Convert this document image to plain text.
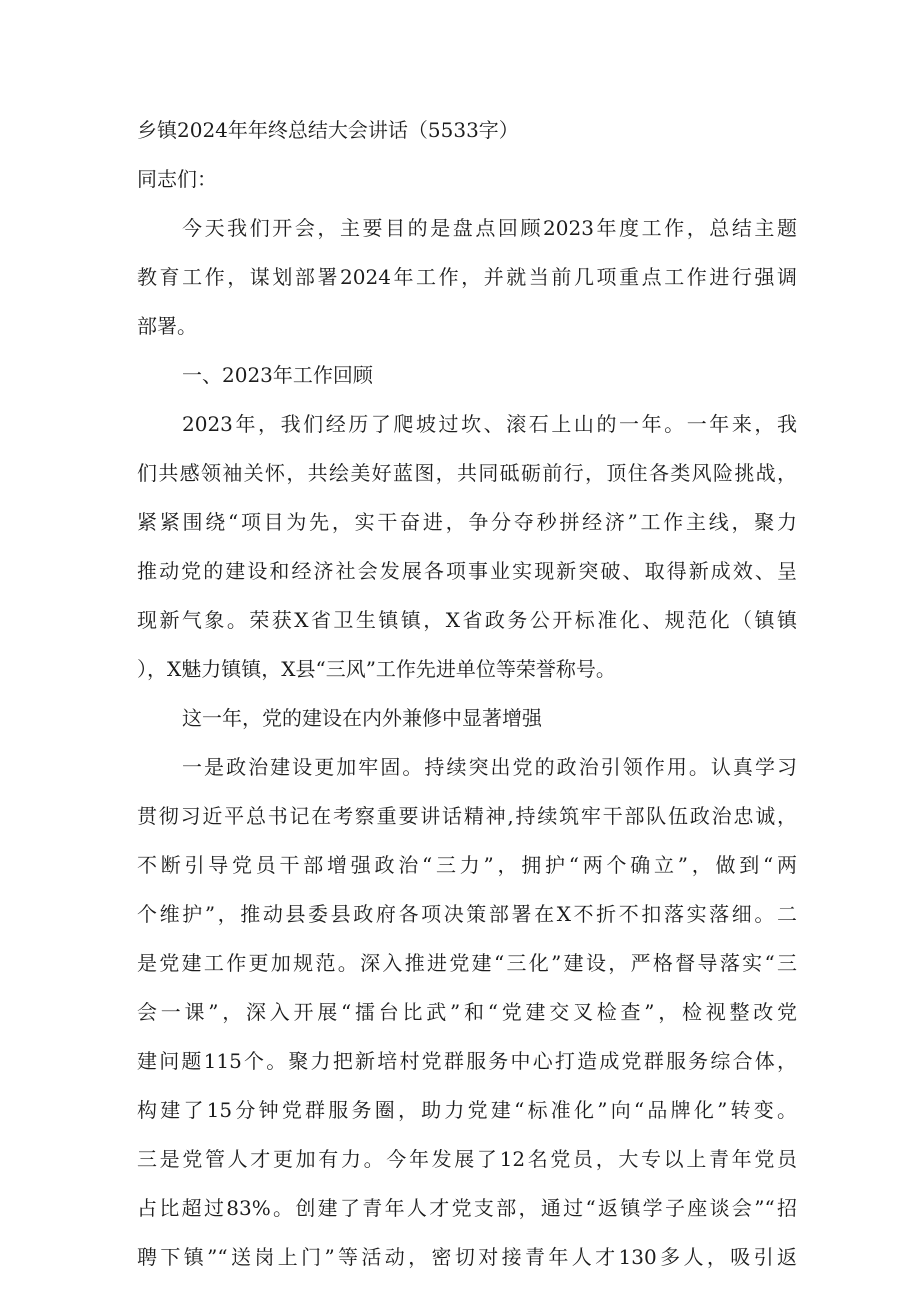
乡镇2024年年终总结大会讲话（5533字）
同志们：
今天我们开会，主要目的是盘点回顾2023年度工作，总结主题
教育工作，谋划部署2024年工作，并就当前几项重点工作进行强调
部署。
一、2023年工作回顾
2023年，我们经历了爬坡过坎、滚石上山的一年。一年来，我
们共感领袖关怀，共绘美好蓝图，共同砥砺前行，顶住各类风险挑战，
紧紧围绕“项目为先，实干奋进，争分夺秒拼经济”工作主线，聚力
推动党的建设和经济社会发展各项事业实现新突破、取得新成效、呈
现新气象。荣获X省卫生镇镇，X省政务公开标准化、规范化（镇镇
），X魅力镇镇，X县“三风”工作先进单位等荣誉称号。
这一年，党的建设在内外兼修中显著增强
一是政治建设更加牢固。持续突出党的政治引领作用。认真学习
贯彻习近平总书记在考察重要讲话精神,持续筑牢干部队伍政治忠诚，
不断引导党员干部增强政治“三力”，拥护“两个确立”，做到“两
个维护”，推动县委县政府各项决策部署在X不折不扣落实落细。二
是党建工作更加规范。深入推进党建“三化”建设，严格督导落实“三
会一课”，深入开展“擂台比武”和“党建交叉检查”，检视整改党
建问题115个。聚力把新培村党群服务中心打造成党群服务综合体，
构建了15分钟党群服务圈，助力党建“标准化”向“品牌化”转变。
三是党管人才更加有力。今年发展了12名党员，大专以上青年党员
占比超过83%。创建了青年人才党支部，通过“返镇学子座谈会”“招
聘下镇”“送岗上门”等活动，密切对接青年人才130多人，吸引返
